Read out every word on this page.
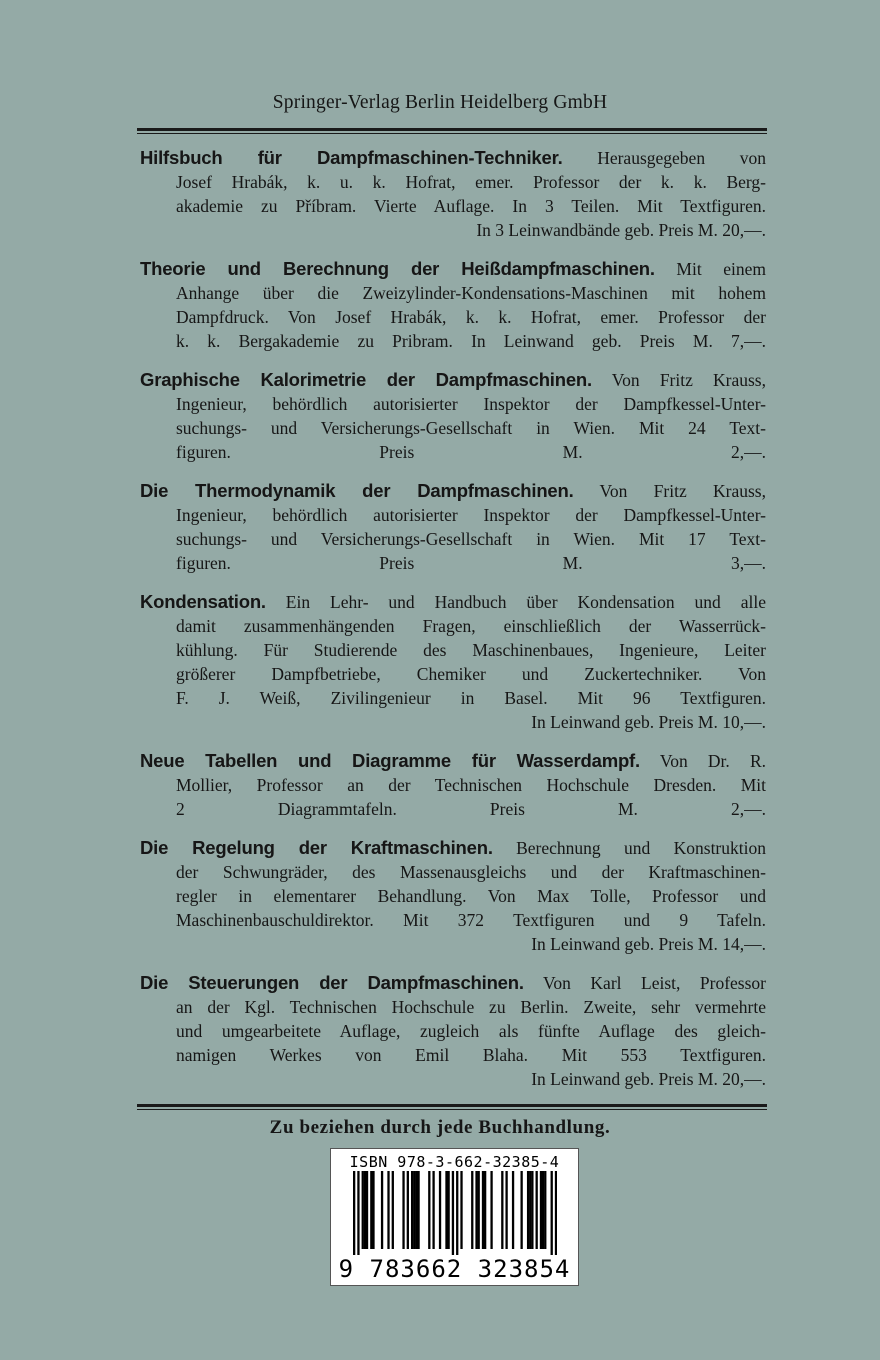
Springer-Verlag Berlin Heidelberg GmbH
Hilfsbuch für Dampfmaschinen-Techniker. Herausgegeben von
Josef Hrabák, k. u. k. Hofrat, emer. Professor der k. k. Berg-
akademie zu Příbram. Vierte Auflage. In 3 Teilen. Mit Textfiguren.
In 3 Leinwandbände geb. Preis M. 20,—.
Theorie und Berechnung der Heißdampfmaschinen. Mit einem
Anhange über die Zweizylinder-Kondensations-Maschinen mit hohem
Dampfdruck. Von Josef Hrabák, k. k. Hofrat, emer. Professor der
k. k. Bergakademie zu Pribram. In Leinwand geb. Preis M. 7,—.
Graphische Kalorimetrie der Dampfmaschinen. Von Fritz Krauss,
Ingenieur, behördlich autorisierter Inspektor der Dampfkessel-Unter-
suchungs- und Versicherungs-Gesellschaft in Wien. Mit 24 Text-
figuren. Preis M. 2,—.
Die Thermodynamik der Dampfmaschinen. Von Fritz Krauss,
Ingenieur, behördlich autorisierter Inspektor der Dampfkessel-Unter-
suchungs- und Versicherungs-Gesellschaft in Wien. Mit 17 Text-
figuren. Preis M. 3,—.
Kondensation. Ein Lehr- und Handbuch über Kondensation und alle
damit zusammenhängenden Fragen, einschließlich der Wasserrück-
kühlung. Für Studierende des Maschinenbaues, Ingenieure, Leiter
größerer Dampfbetriebe, Chemiker und Zuckertechniker. Von
F. J. Weiß, Zivilingenieur in Basel. Mit 96 Textfiguren.
In Leinwand geb. Preis M. 10,—.
Neue Tabellen und Diagramme für Wasserdampf. Von Dr. R.
Mollier, Professor an der Technischen Hochschule Dresden. Mit
2 Diagrammtafeln. Preis M. 2,—.
Die Regelung der Kraftmaschinen. Berechnung und Konstruktion
der Schwungräder, des Massenausgleichs und der Kraftmaschinen-
regler in elementarer Behandlung. Von Max Tolle, Professor und
Maschinenbauschuldirektor. Mit 372 Textfiguren und 9 Tafeln.
In Leinwand geb. Preis M. 14,—.
Die Steuerungen der Dampfmaschinen. Von Karl Leist, Professor
an der Kgl. Technischen Hochschule zu Berlin. Zweite, sehr vermehrte
und umgearbeitete Auflage, zugleich als fünfte Auflage des gleich-
namigen Werkes von Emil Blaha. Mit 553 Textfiguren.
In Leinwand geb. Preis M. 20,—.
Zu beziehen durch jede Buchhandlung.
ISBN 978-3-662-32385-4
9 783662 323854
